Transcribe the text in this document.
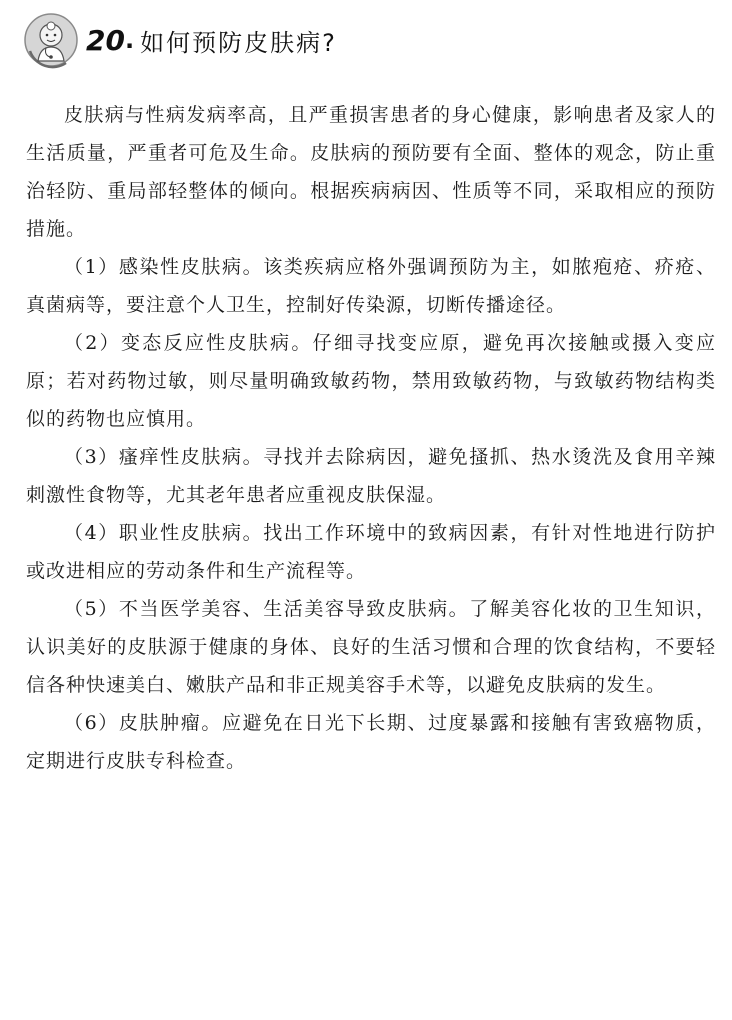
20 . 如何预防皮肤病?

皮肤病与性病发病率高，且严重损害患者的身心健康，影响患者及家人的生活质量，严重者可危及生命。皮肤病的预防要有全面、整体的观念，防止重治轻防、重局部轻整体的倾向。根据疾病病因、性质等不同，采取相应的预防措施。

（1）感染性皮肤病。该类疾病应格外强调预防为主，如脓疱疮、疥疮、真菌病等，要注意个人卫生，控制好传染源，切断传播途径。

（2）变态反应性皮肤病。仔细寻找变应原，避免再次接触或摄入变应原；若对药物过敏，则尽量明确致敏药物，禁用致敏药物，与致敏药物结构类似的药物也应慎用。

（3）瘙痒性皮肤病。寻找并去除病因，避免搔抓、热水烫洗及食用辛辣刺激性食物等，尤其老年患者应重视皮肤保湿。

（4）职业性皮肤病。找出工作环境中的致病因素，有针对性地进行防护或改进相应的劳动条件和生产流程等。

（5）不当医学美容、生活美容导致皮肤病。了解美容化妆的卫生知识，认识美好的皮肤源于健康的身体、良好的生活习惯和合理的饮食结构，不要轻信各种快速美白、嫩肤产品和非正规美容手术等，以避免皮肤病的发生。

（6）皮肤肿瘤。应避免在日光下长期、过度暴露和接触有害致癌物质，定期进行皮肤专科检查。
